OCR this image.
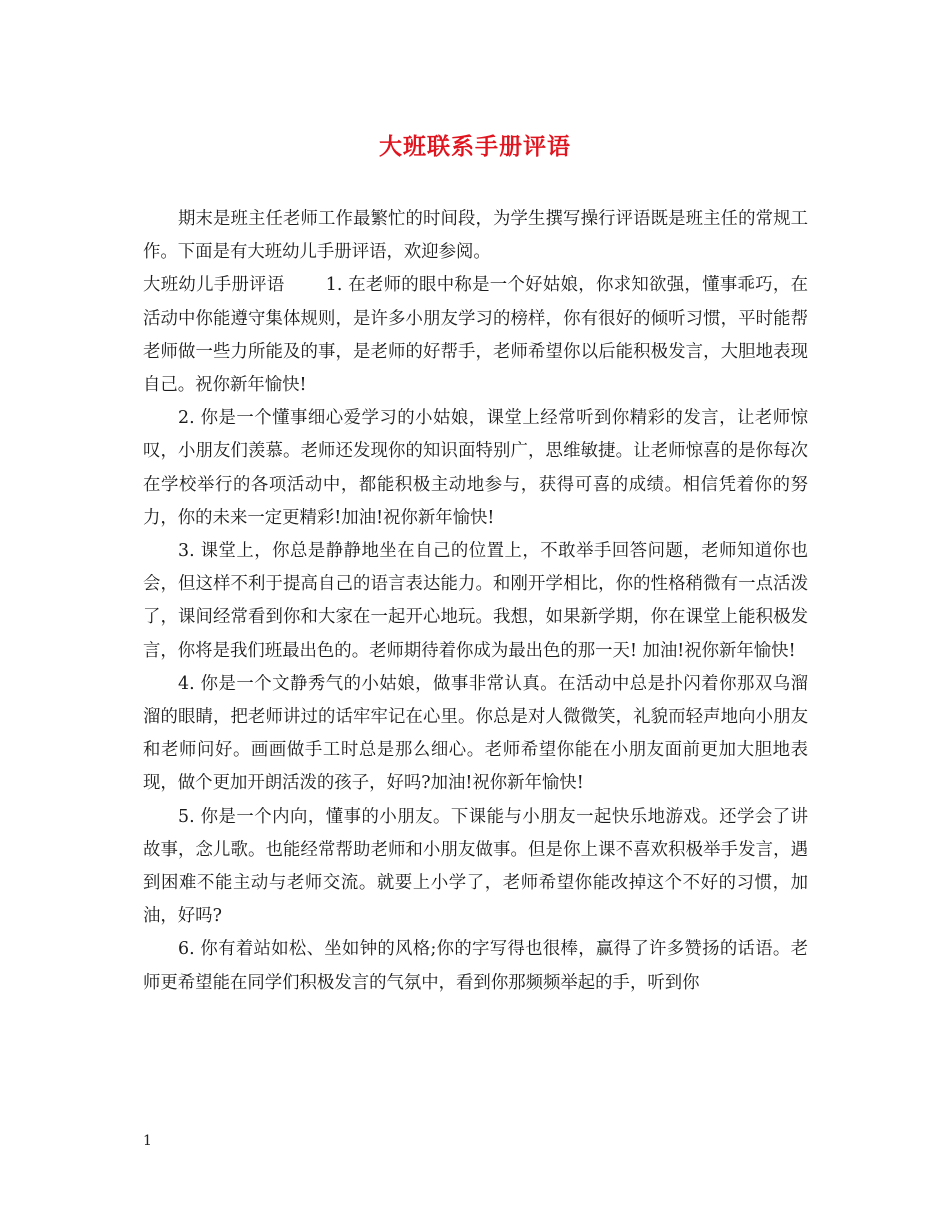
大班联系手册评语

期末是班主任老师工作最繁忙的时间段，为学生撰写操行评语既是班主任的常规工作。下面是有大班幼儿手册评语，欢迎参阅。

大班幼儿手册评语　　 1. 在老师的眼中称是一个好姑娘，你求知欲强，懂事乖巧，在活动中你能遵守集体规则，是许多小朋友学习的榜样，你有很好的倾听习惯，平时能帮老师做一些力所能及的事，是老师的好帮手，老师希望你以后能积极发言，大胆地表现自己。祝你新年愉快!

2. 你是一个懂事细心爱学习的小姑娘，课堂上经常听到你精彩的发言，让老师惊叹，小朋友们羡慕。老师还发现你的知识面特别广，思维敏捷。让老师惊喜的是你每次在学校举行的各项活动中，都能积极主动地参与，获得可喜的成绩。相信凭着你的努力，你的未来一定更精彩!加油!祝你新年愉快!

3. 课堂上，你总是静静地坐在自己的位置上，不敢举手回答问题，老师知道你也会，但这样不利于提高自己的语言表达能力。和刚开学相比，你的性格稍微有一点活泼了，课间经常看到你和大家在一起开心地玩。我想，如果新学期，你在课堂上能积极发言，你将是我们班最出色的。老师期待着你成为最出色的那一天! 加油!祝你新年愉快!

4. 你是一个文静秀气的小姑娘，做事非常认真。在活动中总是扑闪着你那双乌溜溜的眼睛，把老师讲过的话牢牢记在心里。你总是对人微微笑，礼貌而轻声地向小朋友和老师问好。画画做手工时总是那么细心。老师希望你能在小朋友面前更加大胆地表现，做个更加开朗活泼的孩子，好吗?加油!祝你新年愉快!

5. 你是一个内向，懂事的小朋友。下课能与小朋友一起快乐地游戏。还学会了讲故事，念儿歌。也能经常帮助老师和小朋友做事。但是你上课不喜欢积极举手发言，遇到困难不能主动与老师交流。就要上小学了，老师希望你能改掉这个不好的习惯，加油，好吗?

6. 你有着站如松、坐如钟的风格;你的字写得也很棒，赢得了许多赞扬的话语。老师更希望能在同学们积极发言的气氛中，看到你那频频举起的手，听到你

1
